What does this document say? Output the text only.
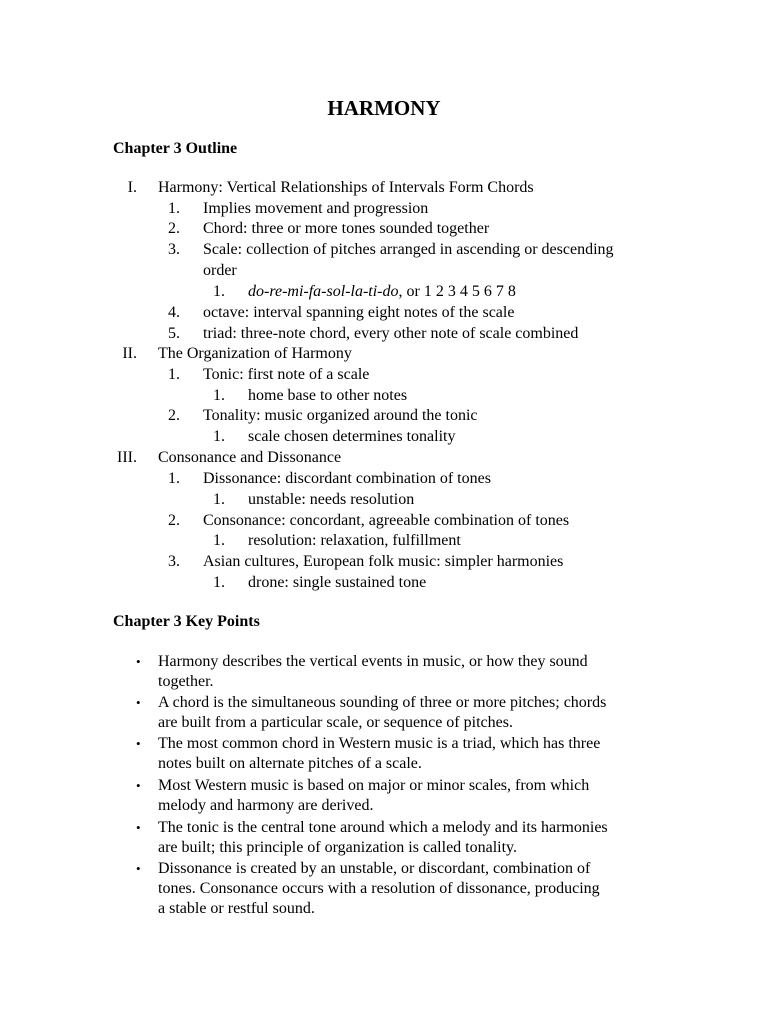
HARMONY
Chapter 3 Outline
I. Harmony: Vertical Relationships of Intervals Form Chords
1.	Implies movement and progression
2.	Chord: three or more tones sounded together
3.	Scale: collection of pitches arranged in ascending or descending
order
1.	do-re-mi-fa-sol-la-ti-do, or 1 2 3 4 5 6 7 8
4.	octave: interval spanning eight notes of the scale
5.	triad: three-note chord, every other note of scale combined
II. The Organization of Harmony
1.	Tonic: first note of a scale
1.	home base to other notes
2.	Tonality: music organized around the tonic
1.	scale chosen determines tonality
III. Consonance and Dissonance
1.	Dissonance: discordant combination of tones
1.	unstable: needs resolution
2.	Consonance: concordant, agreeable combination of tones
1.	resolution: relaxation, fulfillment
3.	Asian cultures, European folk music: simpler harmonies
1.	drone: single sustained tone
Chapter 3 Key Points
• Harmony describes the vertical events in music, or how they sound
together.
• A chord is the simultaneous sounding of three or more pitches; chords
are built from a particular scale, or sequence of pitches.
• The most common chord in Western music is a triad, which has three
notes built on alternate pitches of a scale.
• Most Western music is based on major or minor scales, from which
melody and harmony are derived.
• The tonic is the central tone around which a melody and its harmonies
are built; this principle of organization is called tonality.
• Dissonance is created by an unstable, or discordant, combination of
tones. Consonance occurs with a resolution of dissonance, producing
a stable or restful sound.
